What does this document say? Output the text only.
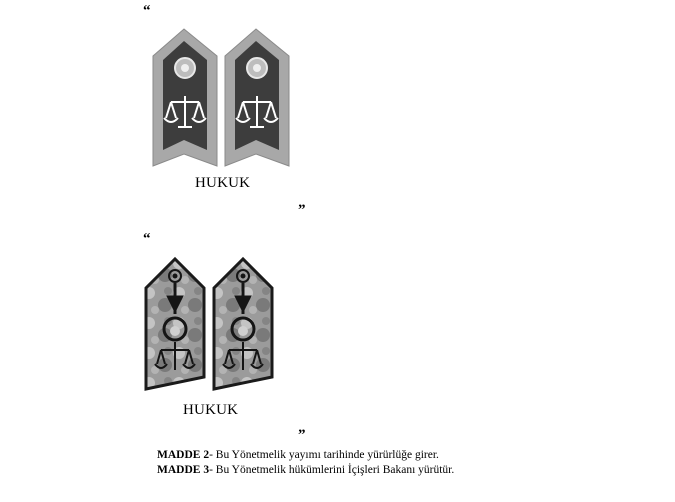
“
HUKUK
”
“
HUKUK
”
MADDE 2- Bu Yönetmelik yayımı tarihinde yürürlüğe girer.
MADDE 3- Bu Yönetmelik hükümlerini İçişleri Bakanı yürütür.
